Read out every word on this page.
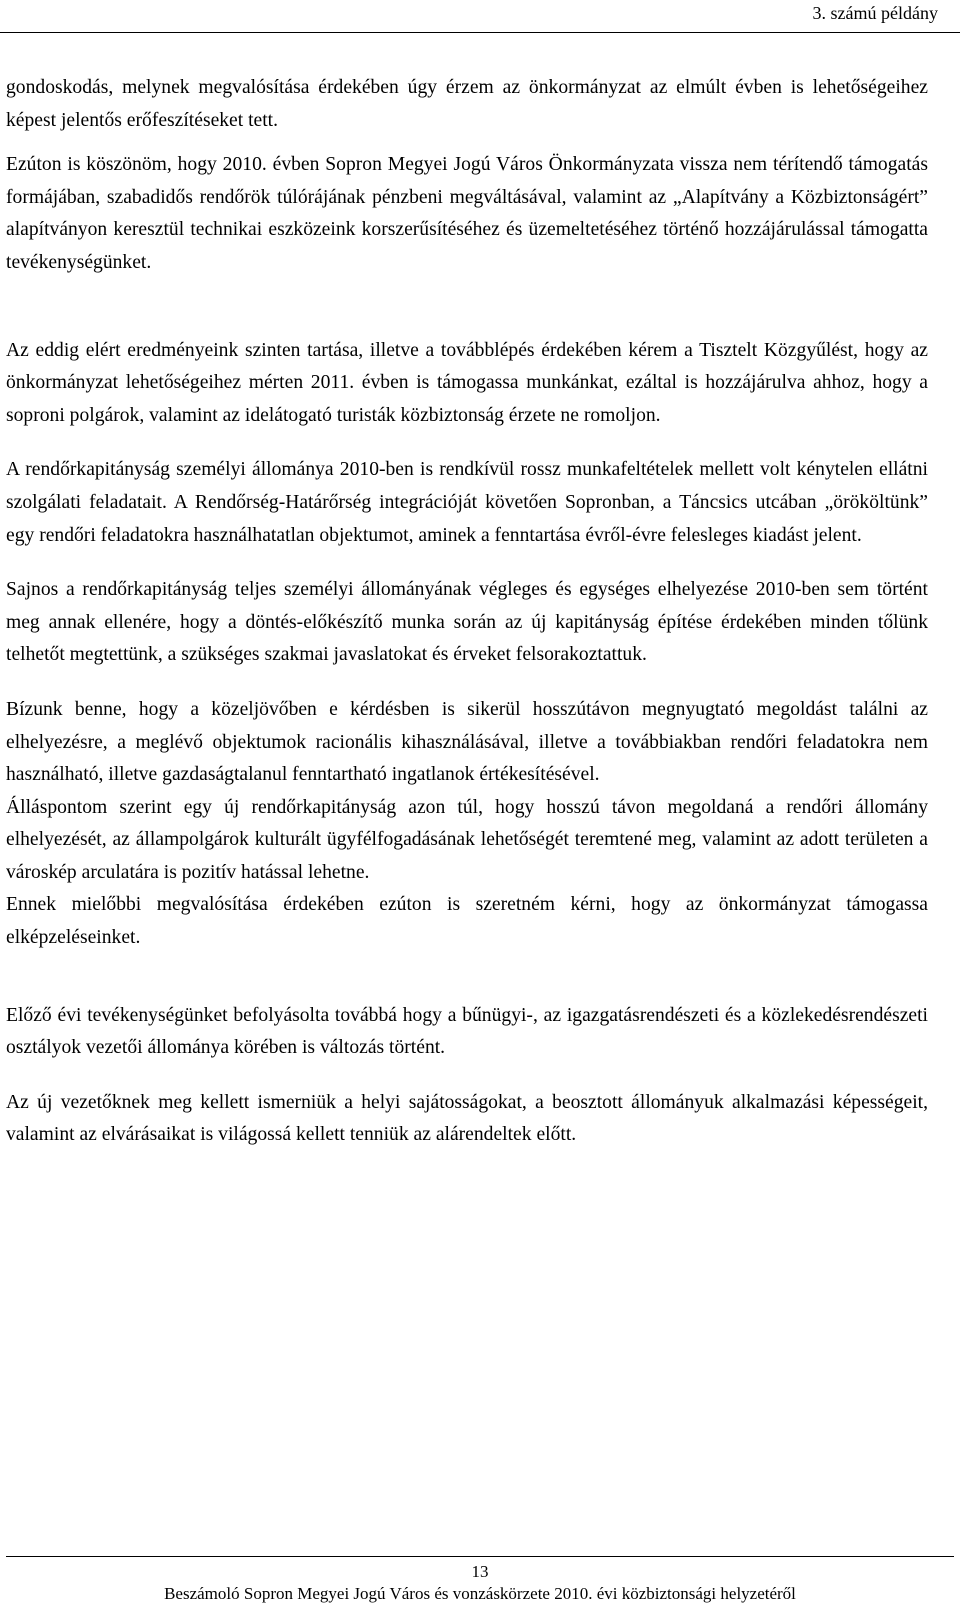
3. számú példány

gondoskodás, melynek megvalósítása érdekében úgy érzem az önkormányzat az elmúlt évben is lehetőségeihez képest jelentős erőfeszítéseket tett.

Ezúton is köszönöm, hogy 2010. évben Sopron Megyei Jogú Város Önkormányzata vissza nem térítendő támogatás formájában, szabadidős rendőrök túlórájának pénzbeni megváltásával, valamint az „Alapítvány a Közbiztonságért” alapítványon keresztül technikai eszközeink korszerűsítéséhez és üzemeltetéséhez történő hozzájárulással támogatta tevékenységünket.

Az eddig elért eredményeink szinten tartása, illetve a továbblépés érdekében kérem a Tisztelt Közgyűlést, hogy az önkormányzat lehetőségeihez mérten 2011. évben is támogassa munkánkat, ezáltal is hozzájárulva ahhoz, hogy a soproni polgárok, valamint az idelátogató turisták közbiztonság érzete ne romoljon.

A rendőrkapitányság személyi állománya 2010-ben is rendkívül rossz munkafeltételek mellett volt kénytelen ellátni szolgálati feladatait. A Rendőrség-Határőrség integrációját követően Sopronban, a Táncsics utcában „örököltünk” egy rendőri feladatokra használhatatlan objektumot, aminek a fenntartása évről-évre felesleges kiadást jelent.

Sajnos a rendőrkapitányság teljes személyi állományának végleges és egységes elhelyezése 2010-ben sem történt meg annak ellenére, hogy a döntés-előkészítő munka során az új kapitányság építése érdekében minden tőlünk telhetőt megtettünk, a szükséges szakmai javaslatokat és érveket felsorakoztattuk.

Bízunk benne, hogy a közeljövőben e kérdésben is sikerül hosszútávon megnyugtató megoldást találni az elhelyezésre, a meglévő objektumok racionális kihasználásával, illetve a továbbiakban rendőri feladatokra nem használható, illetve gazdaságtalanul fenntartható ingatlanok értékesítésével.

Álláspontom szerint egy új rendőrkapitányság azon túl, hogy hosszú távon megoldaná a rendőri állomány elhelyezését, az állampolgárok kulturált ügyfélfogadásának lehetőségét teremtené meg, valamint az adott területen a városkép arculatára is pozitív hatással lehetne.

Ennek mielőbbi megvalósítása érdekében ezúton is szeretném kérni, hogy az önkormányzat támogassa elképzeléseinket.

Előző évi tevékenységünket befolyásolta továbbá hogy a bűnügyi-, az igazgatásrendészeti és a közlekedésrendészeti osztályok vezetői állománya körében is változás történt.

Az új vezetőknek meg kellett ismerniük a helyi sajátosságokat, a beosztott állományuk alkalmazási képességeit, valamint az elvárásaikat is világossá kellett tenniük az alárendeltek előtt.

13
Beszámoló Sopron Megyei Jogú Város és vonzáskörzete 2010. évi közbiztonsági helyzetéről
